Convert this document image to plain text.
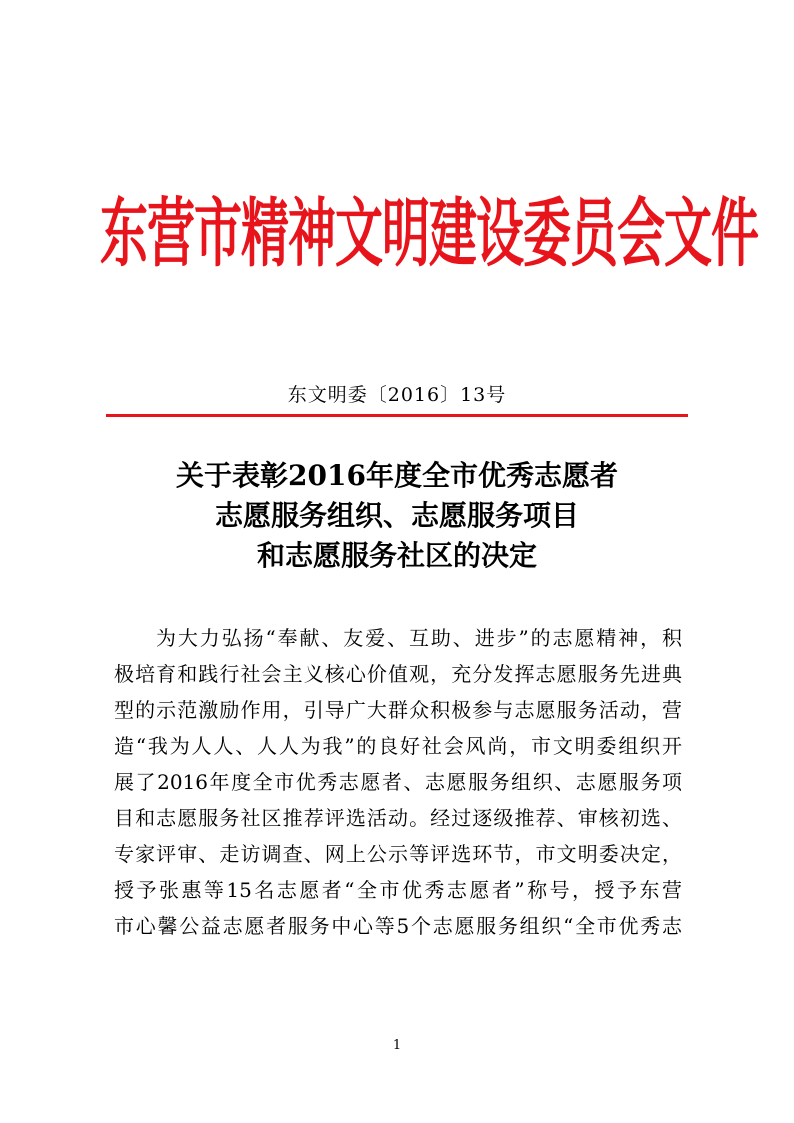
东营市精神文明建设委员会文件
东文明委〔2016〕13号
关于表彰2016年度全市优秀志愿者
志愿服务组织、志愿服务项目
和志愿服务社区的决定
为大力弘扬“奉献、友爱、互助、进步”的志愿精神，积
极培育和践行社会主义核心价值观，充分发挥志愿服务先进典
型的示范激励作用，引导广大群众积极参与志愿服务活动，营
造“我为人人、人人为我”的良好社会风尚，市文明委组织开
展了2016年度全市优秀志愿者、志愿服务组织、志愿服务项
目和志愿服务社区推荐评选活动。经过逐级推荐、审核初选、
专家评审、走访调查、网上公示等评选环节，市文明委决定，
授予张惠等15名志愿者“全市优秀志愿者”称号，授予东营
市心馨公益志愿者服务中心等5个志愿服务组织“全市优秀志
1
